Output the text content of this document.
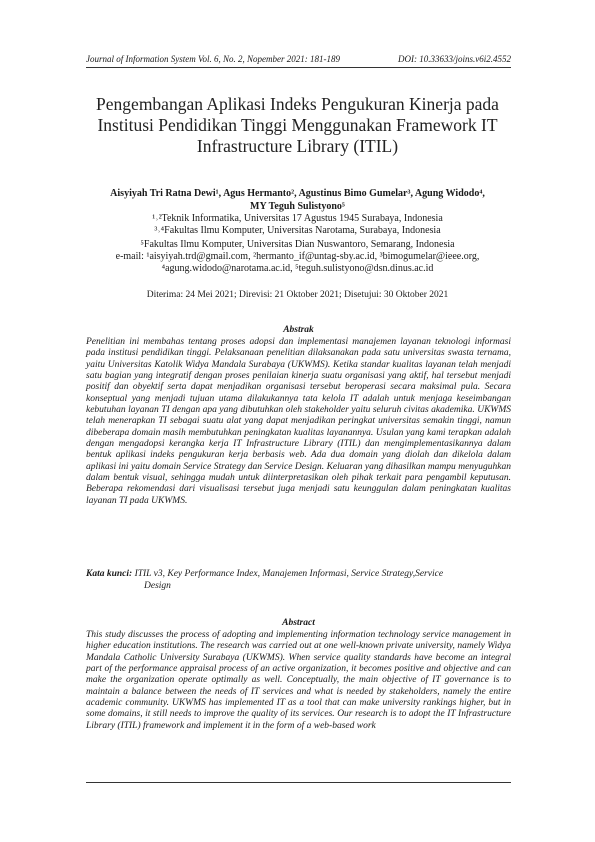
Journal of Information System Vol. 6, No. 2, Nopember 2021: 181-189	DOI: 10.33633/joins.v6i2.4552
Pengembangan Aplikasi Indeks Pengukuran Kinerja pada
Institusi Pendidikan Tinggi Menggunakan Framework IT
Infrastructure Library (ITIL)
Aisyiyah Tri Ratna Dewi¹, Agus Hermanto², Agustinus Bimo Gumelar³, Agung Widodo⁴,
MY Teguh Sulistyono⁵
¹˒²Teknik Informatika, Universitas 17 Agustus 1945 Surabaya, Indonesia
³˒⁴Fakultas Ilmu Komputer, Universitas Narotama, Surabaya, Indonesia
⁵Fakultas Ilmu Komputer, Universitas Dian Nuswantoro, Semarang, Indonesia
e-mail: ¹aisyiyah.trd@gmail.com, ²hermanto_if@untag-sby.ac.id, ³bimogumelar@ieee.org,
⁴agung.widodo@narotama.ac.id, ⁵teguh.sulistyono@dsn.dinus.ac.id
Diterima: 24 Mei 2021; Direvisi: 21 Oktober 2021; Disetujui: 30 Oktober 2021
Abstrak
Penelitian ini membahas tentang proses adopsi dan implementasi manajemen layanan teknologi informasi pada institusi pendidikan tinggi. Pelaksanaan penelitian dilaksanakan pada satu universitas swasta ternama, yaitu Universitas Katolik Widya Mandala Surabaya (UKWMS). Ketika standar kualitas layanan telah menjadi satu bagian yang integratif dengan proses penilaian kinerja suatu organisasi yang aktif, hal tersebut menjadi positif dan obyektif serta dapat menjadikan organisasi tersebut beroperasi secara maksimal pula. Secara konseptual yang menjadi tujuan utama dilakukannya tata kelola IT adalah untuk menjaga keseimbangan kebutuhan layanan TI dengan apa yang dibutuhkan oleh stakeholder yaitu seluruh civitas akademika. UKWMS telah menerapkan TI sebagai suatu alat yang dapat menjadikan peringkat universitas semakin tinggi, namun dibeberapa domain masih membutuhkan peningkatan kualitas layanannya. Usulan yang kami terapkan adalah dengan mengadopsi kerangka kerja IT Infrastructure Library (ITIL) dan mengimplementasikannya dalam bentuk aplikasi indeks pengukuran kerja berbasis web. Ada dua domain yang diolah dan dikelola dalam aplikasi ini yaitu domain Service Strategy dan Service Design. Keluaran yang dihasilkan mampu menyuguhkan dalam bentuk visual, sehingga mudah untuk diinterpretasikan oleh pihak terkait para pengambil keputusan. Beberapa rekomendasi dari visualisasi tersebut juga menjadi satu keunggulan dalam peningkatan kualitas layanan TI pada UKWMS.
Kata kunci: ITIL v3, Key Performance Index, Manajemen Informasi, Service Strategy,Service
Design
Abstract
This study discusses the process of adopting and implementing information technology service management in higher education institutions. The research was carried out at one well-known private university, namely Widya Mandala Catholic University Surabaya (UKWMS). When service quality standards have become an integral part of the performance appraisal process of an active organization, it becomes positive and objective and can make the organization operate optimally as well. Conceptually, the main objective of IT governance is to maintain a balance between the needs of IT services and what is needed by stakeholders, namely the entire academic community. UKWMS has implemented IT as a tool that can make university rankings higher, but in some domains, it still needs to improve the quality of its services. Our research is to adopt the IT Infrastructure Library (ITIL) framework and implement it in the form of a web-based work
